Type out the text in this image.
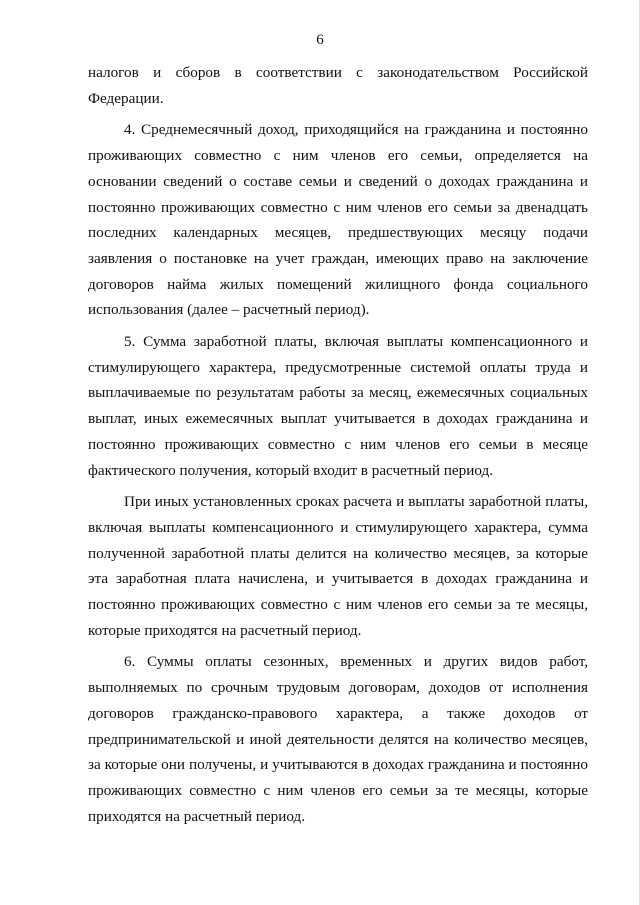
6

налогов и сборов в соответствии с законодательством Российской Федерации.

4. Среднемесячный доход, приходящийся на гражданина и постоянно проживающих совместно с ним членов его семьи, определяется на основании сведений о составе семьи и сведений о доходах гражданина и постоянно проживающих совместно с ним членов его семьи за двенадцать последних календарных месяцев, предшествующих месяцу подачи заявления о постановке на учет граждан, имеющих право на заключение договоров найма жилых помещений жилищного фонда социального использования (далее – расчетный период).

5. Сумма заработной платы, включая выплаты компенсационного и стимулирующего характера, предусмотренные системой оплаты труда и выплачиваемые по результатам работы за месяц, ежемесячных социальных выплат, иных ежемесячных выплат учитывается в доходах гражданина и постоянно проживающих совместно с ним членов его семьи в месяце фактического получения, который входит в расчетный период.

При иных установленных сроках расчета и выплаты заработной платы, включая выплаты компенсационного и стимулирующего характера, сумма полученной заработной платы делится на количество месяцев, за которые эта заработная плата начислена, и учитывается в доходах гражданина и постоянно проживающих совместно с ним членов его семьи за те месяцы, которые приходятся на расчетный период.

6. Суммы оплаты сезонных, временных и других видов работ, выполняемых по срочным трудовым договорам, доходов от исполнения договоров гражданско-правового характера, а также доходов от предпринимательской и иной деятельности делятся на количество месяцев, за которые они получены, и учитываются в доходах гражданина и постоянно проживающих совместно с ним членов его семьи за те месяцы, которые приходятся на расчетный период.
